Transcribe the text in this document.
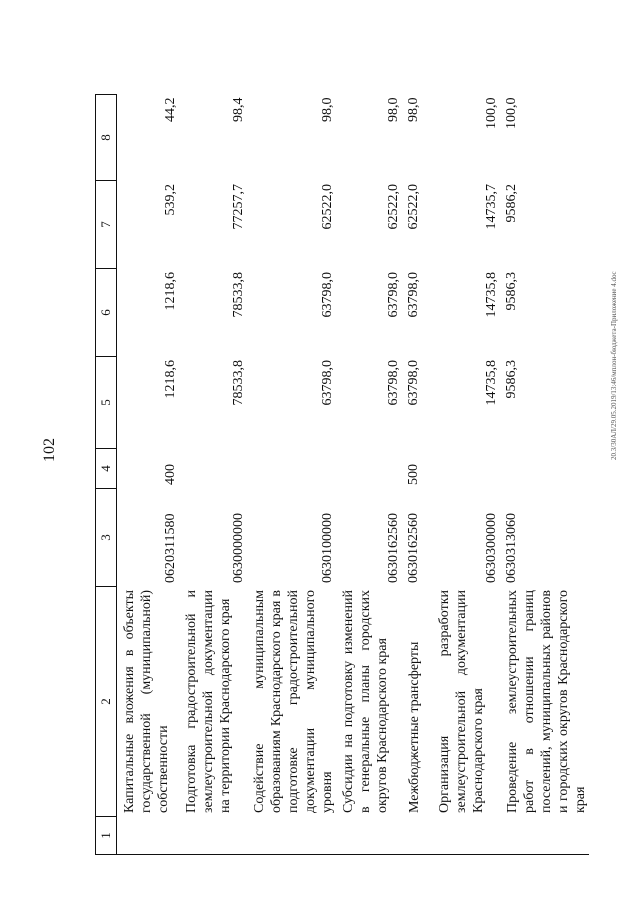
102	20.3/30АЛ/29.05.2019/13:46/мплон-бюджета-Приложение 4.doc
1	2	3	4	5	6	7	8
	Капитальные вложения в объекты государственной (муниципальной) собственности	0620311580	400	1218,6	1218,6	539,2	44,2
	Подготовка градостроительной и землеустроительной документации на территории Краснодарского края	0630000000		78533,8	78533,8	77257,7	98,4
	Содействие муниципальным образованиям Краснодарского края в подготовке градостроительной документации муниципального уровня	0630100000		63798,0	63798,0	62522,0	98,0
	Субсидии на подготовку изменений в генеральные планы городских округов Краснодарского края	0630162560		63798,0	63798,0	62522,0	98,0
	Межбюджетные трансферты	0630162560	500	63798,0	63798,0	62522,0	98,0
	Организация разработки землеустроительной документации Краснодарского края	0630300000		14735,8	14735,8	14735,7	100,0
	Проведение землеустроительных работ в отношении границ поселений, муниципальных районов и городских округов Краснодарского края	0630313060		9586,3	9586,3	9586,2	100,0
